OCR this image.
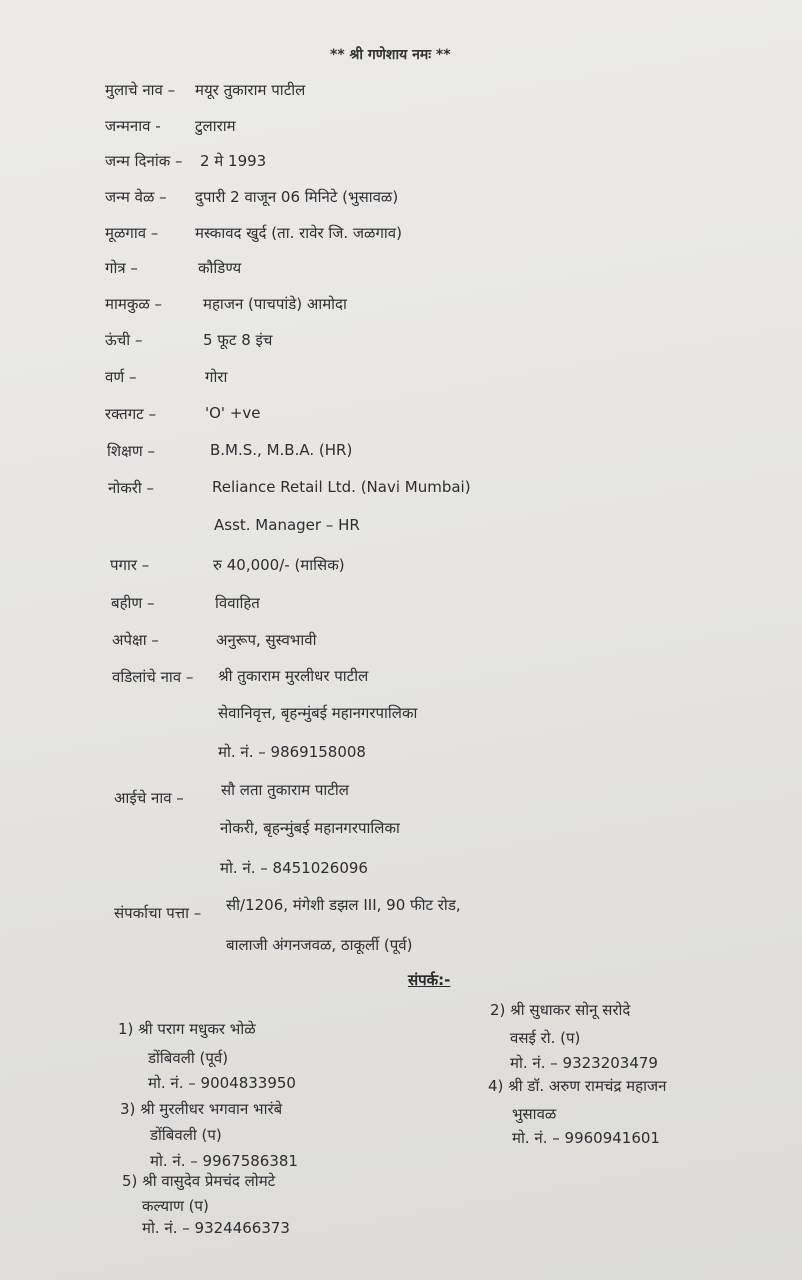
** श्री गणेशाय नमः **
मुलाचे नाव – मयूर तुकाराम पाटील
जन्मनाव - टुलाराम
जन्म दिनांक – 2 मे 1993
जन्म वेळ – दुपारी 2 वाजून 06 मिनिटे (भुसावळ)
मूळगाव – मस्कावद खुर्द (ता. रावेर जि. जळगाव)
गोत्र –	कौडिण्य
मामकुळ –	महाजन (पाचपांडे) आमोदा
ऊंची –	5 फूट 8 इंच
वर्ण –	गोरा
रक्तगट –	'O' +ve
शिक्षण –	B.M.S., M.B.A. (HR)
नोकरी –	Reliance Retail Ltd. (Navi Mumbai)
Asst. Manager – HR
पगार –	रु 40,000/- (मासिक)
बहीण –	विवाहित
अपेक्षा –	अनुरूप, सुस्वभावी
वडिलांचे नाव – श्री तुकाराम मुरलीधर पाटील
सेवानिवृत्त, बृहन्मुंबई महानगरपालिका
मो. नं. – 9869158008
आईचे नाव – सौ लता तुकाराम पाटील
नोकरी, बृहन्मुंबई महानगरपालिका
मो. नं. – 8451026096
संपर्काचा पत्ता – सी/1206, मंगेशी डझल III, 90 फीट रोड,
बालाजी अंगनजवळ, ठाकूर्ली (पूर्व)
संपर्क:-
1) श्री पराग मधुकर भोळे
डोंबिवली (पूर्व)
मो. नं. – 9004833950
2) श्री सुधाकर सोनू सरोदे
वसई रो. (प)
मो. नं. – 9323203479
3) श्री मुरलीधर भगवान भारंबे
डोंबिवली (प)
मो. नं. – 9967586381
4) श्री डॉ. अरुण रामचंद्र महाजन
भुसावळ
मो. नं. – 9960941601
5) श्री वासुदेव प्रेमचंद लोमटे
कल्याण (प)
मो. नं. – 9324466373
